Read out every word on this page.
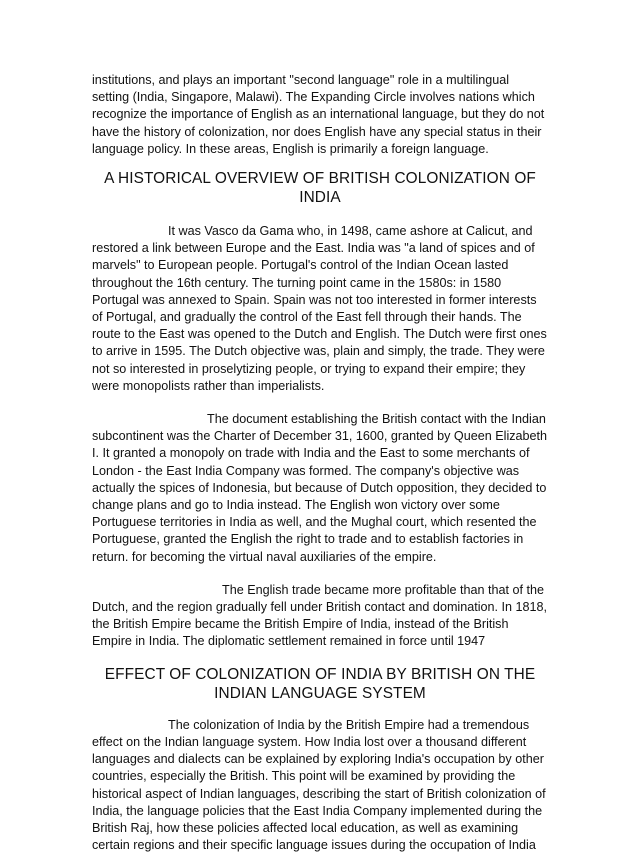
institutions, and plays an important "second language" role in a multilingual setting (India, Singapore, Malawi). The Expanding Circle involves nations which recognize the importance of English as an international language, but they do not have the history of colonization, nor does English have any special status in their language policy. In these areas, English is primarily a foreign language.

A HISTORICAL OVERVIEW OF BRITISH COLONIZATION OF INDIA

It was Vasco da Gama who, in 1498, came ashore at Calicut, and restored a link between Europe and the East. India was "a land of spices and of marvels" to European people. Portugal's control of the Indian Ocean lasted throughout the 16th century. The turning point came in the 1580s: in 1580 Portugal was annexed to Spain. Spain was not too interested in former interests of Portugal, and gradually the control of the East fell through their hands. The route to the East was opened to the Dutch and English. The Dutch were first ones to arrive in 1595. The Dutch objective was, plain and simply, the trade. They were not so interested in proselytizing people, or trying to expand their empire; they were monopolists rather than imperialists.

The document establishing the British contact with the Indian subcontinent was the Charter of December 31, 1600, granted by Queen Elizabeth I. It granted a monopoly on trade with India and the East to some merchants of London - the East India Company was formed. The company's objective was actually the spices of Indonesia, but because of Dutch opposition, they decided to change plans and go to India instead. The English won victory over some Portuguese territories in India as well, and the Mughal court, which resented the Portuguese, granted the English the right to trade and to establish factories in return. for becoming the virtual naval auxiliaries of the empire.

The English trade became more profitable than that of the Dutch, and the region gradually fell under British contact and domination. In 1818, the British Empire became the British Empire of India, instead of the British Empire in India. The diplomatic settlement remained in force until 1947

EFFECT OF COLONIZATION OF INDIA BY BRITISH ON THE INDIAN LANGUAGE SYSTEM

The colonization of India by the British Empire had a tremendous effect on the Indian language system. How India lost over a thousand different languages and dialects can be explained by exploring India's occupation by other countries, especially the British. This point will be examined by providing the historical aspect of Indian languages, describing the start of British colonization of India, the language policies that the East India Company implemented during the British Raj, how these policies affected local education, as well as examining certain regions and their specific language issues during the occupation of India
